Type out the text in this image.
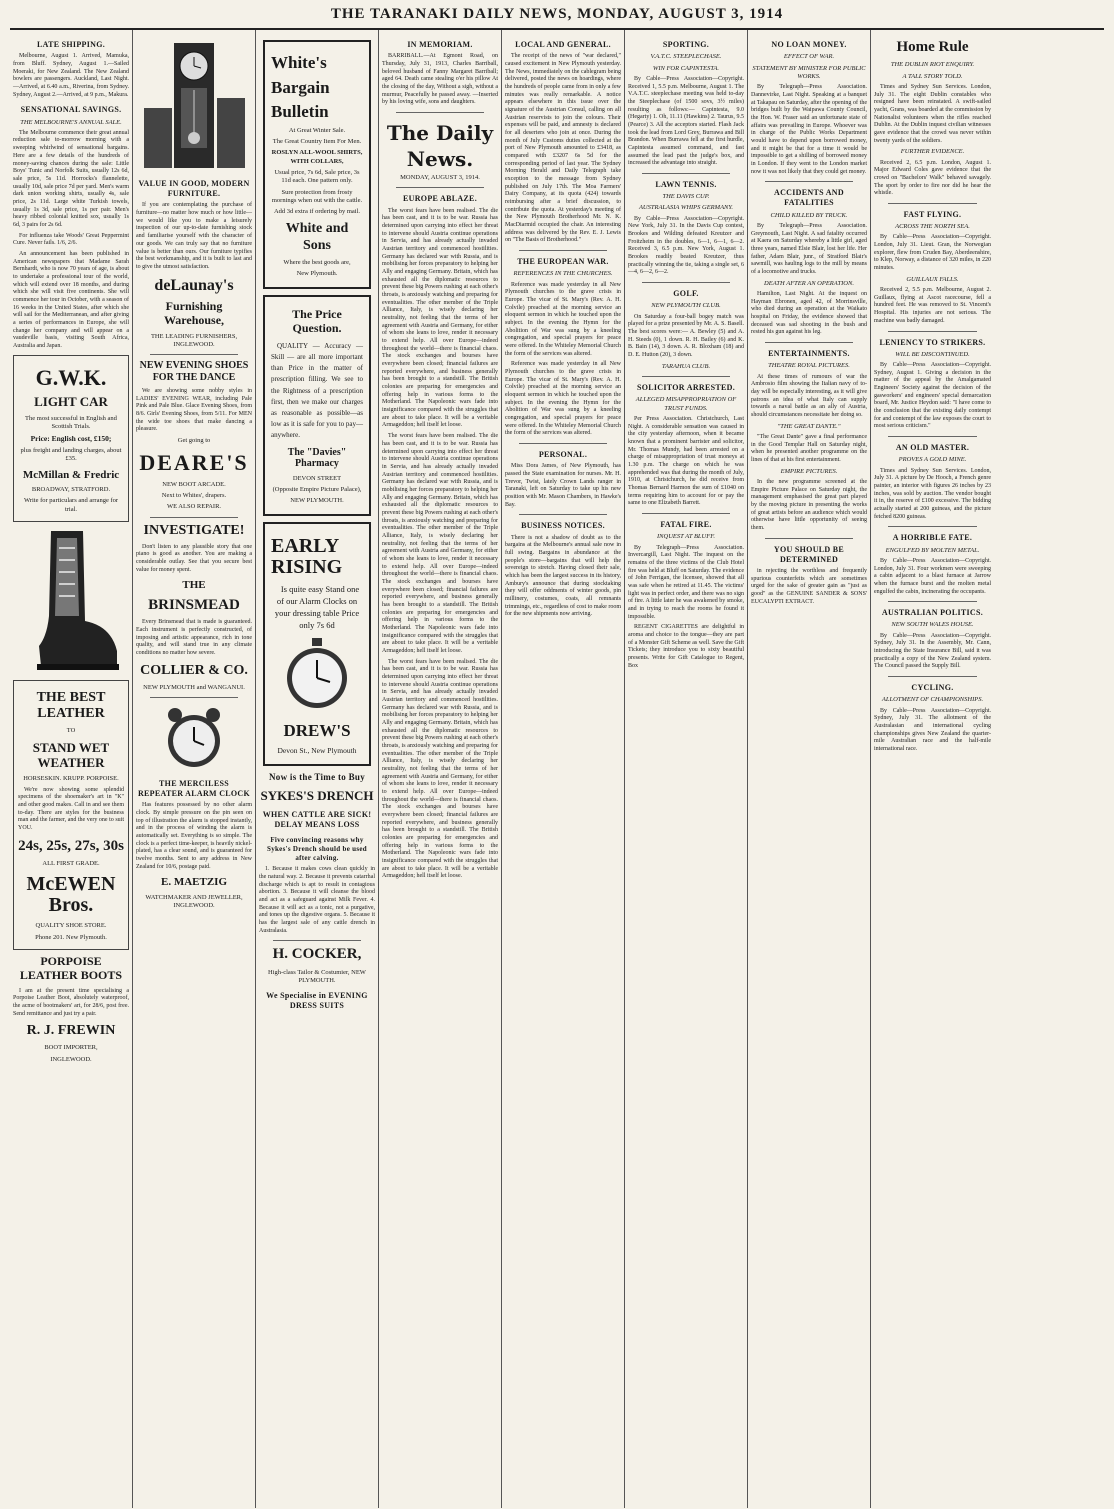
THE TARANAKI DAILY NEWS, MONDAY, AUGUST 3, 1914
LATE SHIPPING.

Melbourne, August 1. Arrived, Mamuka, from Bluff. Sydney, August 1.—Sailed Moeraki, for New Zealand. The New Zealand bowlers are passengers. Auckland, Last Night.—Arrived, at 6.40 a.m., Riverina, from Sydney. Sydney, August 2.—Arrived, at 9 p.m., Makura.

SENSATIONAL SAVINGS.
THE MELBOURNE'S ANNUAL SALE.

The Melbourne commence their great annual reduction sale to-morrow morning with a sweeping whirlwind of sensational bargains. Here are a few details of the hundreds of money-saving chances during the sale: Little Boys' Tunic and Norfolk Suits, usually 12s 6d, sale price, 5s 11d. Horrocks's flannelette, usually 10d, sale price 7d per yard. Men's warm dark union working shirts, usually 4s, sale price, 2s 11d. Large white Turkish towels, usually 1s 3d, sale price, 1s per pair. Men's heavy ribbed colonial knitted sox, usually 1s 6d, 3 pairs for 2s 6d.

For influenza take Woods' Great Peppermint Cure. Never fails. 1/6, 2/6.

An announcement has been published in American newspapers that Madame Sarah Bernhardt, who is now 70 years of age, is about to undertake a professional tour of the world, which will extend over 18 months, and during which she will visit five continents. She will commence her tour in October, with a season of 16 weeks in the United States, after which she will sail for the Mediterranean, and after giving a series of performances in Europe, she will change her company and will appear on a vaudeville basis, visiting South Africa, Australia and Japan.

G.W.K.
LIGHT CAR
The most successful in English and Scottish Trials.
Price: English cost, £150;
plus freight and landing charges, about £35.
McMillan & Fredric
BROADWAY, STRATFORD.
Write for particulars and arrange for trial.
THE BEST LEATHER
TO
STAND WET WEATHER
HORSESKIN. KRUPP. PORPOISE.

We're now showing some splendid specimens of the shoemaker's art in "K" and other good makes. Call in and see them to-day. There are styles for the business man and the farmer, and the very one to suit YOU.

24s, 25s, 27s, 30s
ALL FIRST GRADE.
McEWEN Bros.
QUALITY SHOE STORE.
Phone 201. New Plymouth.
PORPOISE LEATHER BOOTS

I am at the present time specialising a Porpoise Leather Boot, absolutely waterproof, the acme of bootmakers' art, for 28/6, post free. Send remittance and just try a pair.

R. J. FREWIN
BOOT IMPORTER,
INGLEWOOD.
VALUE IN GOOD, MODERN FURNITURE.

If you are contemplating the purchase of furniture—no matter how much or how little—we would like you to make a leisurely inspection of our up-to-date furnishing stock and familiarise yourself with the character of our goods. We can truly say that no furniture value is better than ours. Our furniture typifies the best workmanship, and it is built to last and to give the utmost satisfaction.

deLaunay's
Furnishing Warehouse,
THE LEADING FURNISHERS, INGLEWOOD.
NEW EVENING SHOES FOR THE DANCE

We are showing some nobby styles in LADIES' EVENING WEAR, including Pale Pink and Pale Blue. Glace Evening Shoes, from 8/6. Girls' Evening Shoes, from 5/11. For MEN the wide toe shoes that make dancing a pleasure.

Get going to
DEARE'S
NEW BOOT ARCADE.
Next to Whites', drapers.
WE ALSO REPAIR.
INVESTIGATE!

Don't listen to any plausible story that one piano is good as another. You are making a considerable outlay. See that you secure best value for money spent.

THE
BRINSMEAD

Every Brinsmead that is made is guaranteed. Each instrument is perfectly constructed, of imposing and artistic appearance, rich in tone quality, and will stand true in any climate conditions no matter how severe.

COLLIER & CO.
NEW PLYMOUTH and WANGANUI.
THE MERCILESS REPEATER ALARM CLOCK

Has features possessed by no other alarm clock. By simple pressure on the pin seen on top of illustration the alarm is stopped instantly, and in the process of winding the alarm is automatically set. Everything is so simple. The clock is a perfect time-keeper, is heavily nickel-plated, has a clear sound, and is guaranteed for twelve months. Sent to any address in New Zealand for 10/6, postage paid.

E. MAETZIG
WATCHMAKER AND JEWELLER, INGLEWOOD.
White's
Bargain
Bulletin
At Great Winter Sale.
The Great Country Item For Men.
ROSLYN ALL-WOOL SHIRTS, WITH COLLARS,
Usual price, 7s 6d, Sale price, 3s 11d each. One pattern only.
Sure protection from frosty mornings when out with the cattle.
Add 3d extra if ordering by mail.
White and Sons
Where the best goods are,
New Plymouth.
The Price Question.

QUALITY — Accuracy — Skill — are all more important than Price in the matter of prescription filling. We see to the Rightness of a prescription first, then we make our charges as reasonable as possible—as low as it is safe for you to pay—anywhere.

The "Davies" Pharmacy
DEVON STREET
(Opposite Empire Picture Palace),
NEW PLYMOUTH.
EARLY RISING

Is quite easy Stand one of our Alarm Clocks on your dressing table Price only 7s 6d

DREW'S
Devon St., New Plymouth
Now is the Time to Buy
SYKES'S DRENCH
WHEN CATTLE ARE SICK! DELAY MEANS LOSS
Five convincing reasons why Sykes's Drench should be used after calving.

1. Because it makes cows clean quickly in the natural way. 2. Because it prevents catarrhal discharge which is apt to result in contagious abortion. 3. Because it will cleanse the blood and act as a safeguard against Milk Fever. 4. Because it will act as a tonic, not a purgative, and tones up the digestive organs. 5. Because it has the largest sale of any cattle drench in Australasia.

H. COCKER,
High-class Tailor & Costumier, NEW PLYMOUTH.
We Specialise in EVENING DRESS SUITS
IN MEMORIAM.

BARRIBALL.—At Egmont Road, on Thursday, July 31, 1913, Charles Barriball, beloved husband of Fanny Margaret Barriball; aged 64. Death came stealing o'er his pillow At the closing of the day, Without a sigh, without a murmur, Peacefully he passed away. —Inserted by his loving wife, sons and daughters.

The Daily News.
MONDAY, AUGUST 3, 1914.
EUROPE ABLAZE.

The worst fears have been realised. The die has been cast, and it is to be war. Russia has determined upon carrying into effect her threat to intervene should Austria continue operations in Servia, and has already actually invaded Austrian territory and commenced hostilities. Germany has declared war with Russia, and is mobilising her forces preparatory to helping her Ally and engaging Germany. Britain, which has exhausted all the diplomatic resources to prevent these big Powers rushing at each other's throats, is anxiously watching and preparing for eventualities. The other member of the Triple Alliance, Italy, is wisely declaring her neutrality, not feeling that the terms of her agreement with Austria and Germany, for either of whom she leans to love, render it necessary to extend help. All over Europe—indeed throughout the world—there is financial chaos. The stock exchanges and bourses have everywhere been closed; financial failures are reported everywhere, and business generally has been brought to a standstill. The British colonies are preparing for emergencies and offering help in various forms to the Motherland. The Napoleonic wars fade into insignificance compared with the struggles that are about to take place. It will be a veritable Armageddon; hell itself let loose.

The worst fears have been realised. The die has been cast, and it is to be war. Russia has determined upon carrying into effect her threat to intervene should Austria continue operations in Servia, and has already actually invaded Austrian territory and commenced hostilities. Germany has declared war with Russia, and is mobilising her forces preparatory to helping her Ally and engaging Germany. Britain, which has exhausted all the diplomatic resources to prevent these big Powers rushing at each other's throats, is anxiously watching and preparing for eventualities. The other member of the Triple Alliance, Italy, is wisely declaring her neutrality, not feeling that the terms of her agreement with Austria and Germany, for either of whom she leans to love, render it necessary to extend help. All over Europe—indeed throughout the world—there is financial chaos. The stock exchanges and bourses have everywhere been closed; financial failures are reported everywhere, and business generally has been brought to a standstill. The British colonies are preparing for emergencies and offering help in various forms to the Motherland. The Napoleonic wars fade into insignificance compared with the struggles that are about to take place. It will be a veritable Armageddon; hell itself let loose.

The worst fears have been realised. The die has been cast, and it is to be war. Russia has determined upon carrying into effect her threat to intervene should Austria continue operations in Servia, and has already actually invaded Austrian territory and commenced hostilities. Germany has declared war with Russia, and is mobilising her forces preparatory to helping her Ally and engaging Germany. Britain, which has exhausted all the diplomatic resources to prevent these big Powers rushing at each other's throats, is anxiously watching and preparing for eventualities. The other member of the Triple Alliance, Italy, is wisely declaring her neutrality, not feeling that the terms of her agreement with Austria and Germany, for either of whom she leans to love, render it necessary to extend help. All over Europe—indeed throughout the world—there is financial chaos. The stock exchanges and bourses have everywhere been closed; financial failures are reported everywhere, and business generally has been brought to a standstill. The British colonies are preparing for emergencies and offering help in various forms to the Motherland. The Napoleonic wars fade into insignificance compared with the struggles that are about to take place. It will be a veritable Armageddon; hell itself let loose.

LOCAL AND GENERAL.

The receipt of the news of "war declared," caused excitement in New Plymouth yesterday. The News, immediately on the cablegram being delivered, posted the news on hoardings, where the hundreds of people came from in only a few minutes was really remarkable. A notice appears elsewhere in this issue over the signature of the Austrian Consul, calling on all Austrian reservists to join the colours. Their expenses will be paid, and amnesty is declared for all deserters who join at once. During the month of July Customs duties collected at the port of New Plymouth amounted to £3418, as compared with £3207 6s 5d for the corresponding period of last year. The Sydney Morning Herald and Daily Telegraph take exception to the message from Sydney published on July 17th. The Moa Farmers' Dairy Company, at its quota (424) towards reimbursing after a brief discussion, to contribute the quota. At yesterday's meeting of the New Plymouth Brotherhood Mr. N. K. MacDiarmid occupied the chair. An interesting address was delivered by the Rev. E. J. Lewis on "The Basis of Brotherhood."

THE EUROPEAN WAR.
REFERENCES IN THE CHURCHES.

Reference was made yesterday in all New Plymouth churches to the grave crisis in Europe. The vicar of St. Mary's (Rev. A. H. Colvile) preached at the morning service an eloquent sermon in which he touched upon the subject. In the evening the Hymn for the Abolition of War was sung by a kneeling congregation, and special prayers for peace were offered. In the Whiteley Memorial Church the form of the services was altered.

Reference was made yesterday in all New Plymouth churches to the grave crisis in Europe. The vicar of St. Mary's (Rev. A. H. Colvile) preached at the morning service an eloquent sermon in which he touched upon the subject. In the evening the Hymn for the Abolition of War was sung by a kneeling congregation, and special prayers for peace were offered. In the Whiteley Memorial Church the form of the services was altered.

PERSONAL.

Miss Dora James, of New Plymouth, has passed the State examination for nurses. Mr. H. Trevor, Twist, lately Crown Lands ranger in Taranaki, left on Saturday to take up his new position with Mr. Mason Chambers, in Hawke's Bay.

BUSINESS NOTICES.

There is not a shadow of doubt as to the bargains at the Melbourne's annual sale now in full swing. Bargains in abundance at the people's store—bargains that will help the sovereign to stretch. Having closed their sale, which has been the largest success in its history, Ambury's announce that during stocktaking they will offer oddments of winter goods, pin millinery, costumes, coats, all remnants trimmings, etc., regardless of cost to make room for the new shipments now arriving.

SPORTING.
V.A.T.C. STEEPLECHASE.
WIN FOR CAPINTESTA.

By Cable—Press Association—Copyright. Received 1, 5.5 p.m. Melbourne, August 1. The V.A.T.C. steeplechase meeting was held to-day the Steeplechase (of 1500 sovs, 3½ miles) resulting as follows:— Capintesta, 9.0 (Hegarty) 1. Oh, 11.11 (Hawkins) 2. Taurus, 9.5 (Pearce) 3. All the acceptors started. Flash Jack took the lead from Lord Grey, Burrawa and Bill Brandon. When Burrawa fell at the first hurdle, Capintesta assumed command, and fast assumed the lead past the judge's box, and increased the advantage into straight.

LAWN TENNIS.
THE DAVIS CUP.
AUSTRALASIA WHIPS GERMANY.

By Cable—Press Association—Copyright. New York, July 31. In the Davis Cup contest, Brookes and Wilding defeated Kreutzer and Froitzheim in the doubles, 6—1, 6—1, 6—2. Received 3, 6.5 p.m. New York, August 1. Brookes readily beated Kreutzer, thus practically winning the tie, taking a single set, 6—4, 6—2, 6—2.

GOLF.
NEW PLYMOUTH CLUB.

On Saturday a four-ball bogey match was played for a prize presented by Mr. A. S. Basell. The best scores were:— A. Bewley (5) and A. H. Steeds (0), 1 down. R. H. Bailey (6) and K. B. Bain (14), 3 down. A. R. Bloxham (18) and D. E. Hutton (20), 3 down.

TARAHUA CLUB.
SOLICITOR ARRESTED.
ALLEGED MISAPPROPRIATION OF TRUST FUNDS.

Per Press Association. Christchurch, Last Night. A considerable sensation was caused in the city yesterday afternoon, when it became known that a prominent barrister and solicitor, Mr. Thomas Mundy, had been arrested on a charge of misappropriation of trust moneys at 1.30 p.m. The charge on which he was apprehended was that during the month of July, 1910, at Christchurch, he did receive from Thomas Bernard Harmon the sum of £1040 on terms requiring him to account for or pay the same to one Elizabeth Barrett.

FATAL FIRE.
INQUEST AT BLUFF.

By Telegraph—Press Association. Invercargill, Last Night. The inquest on the remains of the three victims of the Club Hotel fire was held at Bluff on Saturday. The evidence of John Ferrigan, the licensee, showed that all was safe when he retired at 11.45. The victims' light was in perfect order, and there was no sign of fire. A little later he was awakened by smoke, and in trying to reach the rooms he found it impossible.

REGENT CIGARETTES are delightful in aroma and choice to the tongue—they are part of a Monster Gift Scheme as well. Save the Gift Tickets; they introduce you to sixty beautiful presents. Write for Gift Catalogue to Regent, Box

NO LOAN MONEY.
EFFECT OF WAR.
STATEMENT BY MINISTER FOR PUBLIC WORKS.

By Telegraph—Press Association. Dannevirke, Last Night. Speaking at a banquet at Takapau on Saturday, after the opening of the bridges built by the Waipawa County Council, the Hon. W. Fraser said an unfortunate state of affairs was prevailing in Europe. Whoever was in charge of the Public Works Department would have to depend upon borrowed money, and it might be that for a time it would be impossible to get a shilling of borrowed money in London. If they went to the London market now it was not likely that they could get money.

ACCIDENTS AND FATALITIES
CHILD KILLED BY TRUCK.

By Telegraph—Press Association. Greymouth, Last Night. A sad fatality occurred at Kaera on Saturday whereby a little girl, aged three years, named Elsie Blair, lost her life. Her father, Adam Blair, junr., of Stratford Blair's sawmill, was hauling logs to the mill by means of a locomotive and trucks.

DEATH AFTER AN OPERATION.

Hamilton, Last Night. At the inquest on Hayman Ebronen, aged 42, of Morrinsville, who died during an operation at the Waikato hospital on Friday, the evidence showed that deceased was sad shooting in the bush and rested his gun against his leg.

ENTERTAINMENTS.
THEATRE ROYAL PICTURES.

At these times of rumours of war the Ambrosio film showing the Italian navy of to-day will be especially interesting, as it will give patrons an idea of what Italy can supply towards a naval battle as an ally of Austria, should circumstances necessitate her doing so.

"THE GREAT DANTE."

"The Great Dante" gave a final performance in the Good Templar Hall on Saturday night, when he presented another programme on the lines of that at his first entertainment.

EMPIRE PICTURES.

In the new programme screened at the Empire Picture Palace on Saturday night, the management emphasised the great part played by the moving picture in presenting the works of great artists before an audience which would otherwise have little opportunity of seeing them.

YOU SHOULD BE DETERMINED

in rejecting the worthless and frequently spurious counterfeits which are sometimes urged for the sake of greater gain as "just as good" as the GENUINE SANDER & SONS' EUCALYPTI EXTRACT.

Home Rule
THE DUBLIN RIOT ENQUIRY.
A TALL STORY TOLD.

Times and Sydney Sun Services. London, July 31. The eight Dublin constables who resigned have been reinstated. A swift-sailed yacht, Grans, was boarded at the commission by Nationalist volunteers when the rifles reached Dublin. At the Dublin inquest civilian witnesses gave evidence that the crowd was never within twenty yards of the soldiers.

FURTHER EVIDENCE.

Received 2, 6.5 p.m. London, August 1. Major Edward Coles gave evidence that the crowd on "Bachelors' Walk" behaved savagely. The sport by order to fire nor did he hear the whistle.

FAST FLYING.
ACROSS THE NORTH SEA.

By Cable—Press Association—Copyright. London, July 31. Lieut. Gran, the Norwegian explorer, flew from Cruden Bay, Aberdeenshire, to Klep, Norway, a distance of 320 miles, in 220 minutes.

GUILLAUX FALLS.

Received 2, 5.5 p.m. Melbourne, August 2. Guillaux, flying at Ascot racecourse, fell a hundred feet. He was removed to St. Vincent's Hospital. His injuries are not serious. The machine was badly damaged.

LENIENCY TO STRIKERS.
WILL BE DISCONTINUED.

By Cable—Press Association—Copyright. Sydney, August 1. Giving a decision in the matter of the appeal by the Amalgamated Engineers' Society against the decision of the gasworkers' and engineers' special demarcation board, Mr. Justice Heydon said: "I have come to the conclusion that the existing daily contempt for and contempt of the law exposes the court to most serious criticism."

AN OLD MASTER.
PROVES A GOLD MINE.

Times and Sydney Sun Services. London, July 31. A picture by De Hooch, a French genre painter, an interior with figures 26 inches by 23 inches, was sold by auction. The vendor bought it in, the reserve of £100 excessive. The bidding actually started at 200 guineas, and the picture fetched 8200 guineas.

A HORRIBLE FATE.
ENGULFED BY MOLTEN METAL.

By Cable—Press Association—Copyright. London, July 31. Four workmen were sweeping a cabin adjacent to a blast furnace at Jarrow when the furnace burst and the molten metal engulfed the cabin, incinerating the occupants.

AUSTRALIAN POLITICS.
NEW SOUTH WALES HOUSE.

By Cable—Press Association—Copyright. Sydney, July 31. In the Assembly, Mr. Cann, introducing the State Insurance Bill, said it was practically a copy of the New Zealand system. The Council passed the Supply Bill.

CYCLING.
ALLOTMENT OF CHAMPIONSHIPS.

By Cable—Press Association—Copyright. Sydney, July 31. The allotment of the Australasian and international cycling championships gives New Zealand the quarter-mile Australian race and the half-mile international race.
